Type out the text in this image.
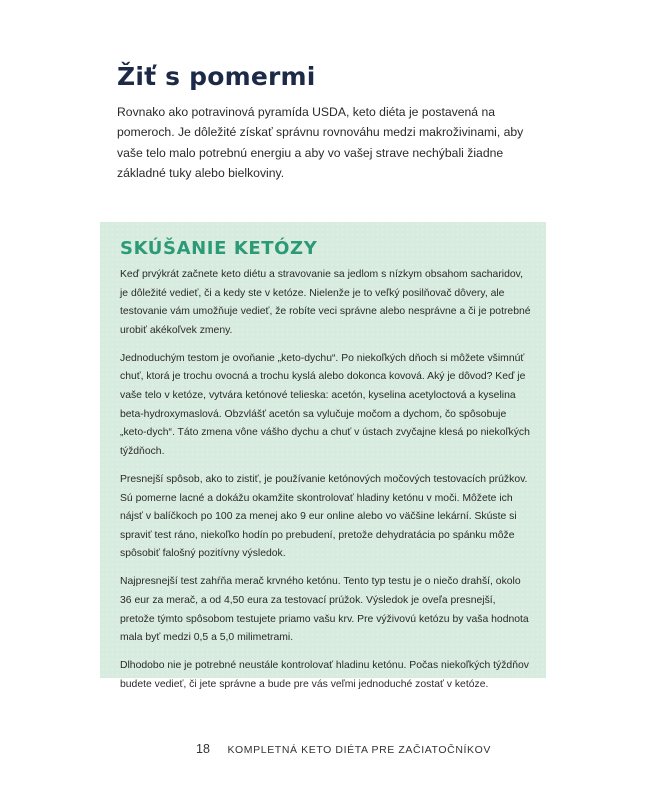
Žiť s pomermi

Rovnako ako potravinová pyramída USDA, keto diéta je postavená na pomeroch. Je dôležité získať správnu rovnováhu medzi makroživinami, aby vaše telo malo potrebnú energiu a aby vo vašej strave nechýbali žiadne základné tuky alebo bielkoviny.

SKÚŠANIE KETÓZY

Keď prvýkrát začnete keto diétu a stravovanie sa jedlom s nízkym obsahom sacharidov, je dôležité vedieť, či a kedy ste v ketóze. Nielenže je to veľký posilňovač dôvery, ale testovanie vám umožňuje vedieť, že robíte veci správne alebo nesprávne a či je potrebné urobiť akékoľvek zmeny.

Jednoduchým testom je ovoňanie „keto-dychu“. Po niekoľkých dňoch si môžete všimnúť chuť, ktorá je trochu ovocná a trochu kyslá alebo dokonca kovová. Aký je dôvod? Keď je vaše telo v ketóze, vytvára ketónové telieska: acetón, kyselina acetyloctová a kyselina beta-hydroxymaslová. Obzvlášť acetón sa vylučuje močom a dychom, čo spôsobuje „keto-dych“. Táto zmena vône vášho dychu a chuť v ústach zvyčajne klesá po niekoľkých týždňoch.

Presnejší spôsob, ako to zistiť, je používanie ketónových močových testovacích prúžkov. Sú pomerne lacné a dokážu okamžite skontrolovať hladiny ketónu v moči. Môžete ich nájsť v balíčkoch po 100 za menej ako 9 eur online alebo vo väčšine lekární. Skúste si spraviť test ráno, niekoľko hodín po prebudení, pretože dehydratácia po spánku môže spôsobiť falošný pozitívny výsledok.

Najpresnejší test zahŕňa merač krvného ketónu. Tento typ testu je o niečo drahší, okolo 36 eur za merač, a od 4,50 eura za testovací prúžok. Výsledok je oveľa presnejší, pretože týmto spôsobom testujete priamo vašu krv. Pre výživovú ketózu by vaša hodnota mala byť medzi 0,5 a 5,0 milimetrami.

Dlhodobo nie je potrebné neustále kontrolovať hladinu ketónu. Počas niekoľkých týždňov budete vedieť, či jete správne a bude pre vás veľmi jednoduché zostať v ketóze.

18 KOMPLETNÁ KETO DIÉTA PRE ZAČIATOČNÍKOV
